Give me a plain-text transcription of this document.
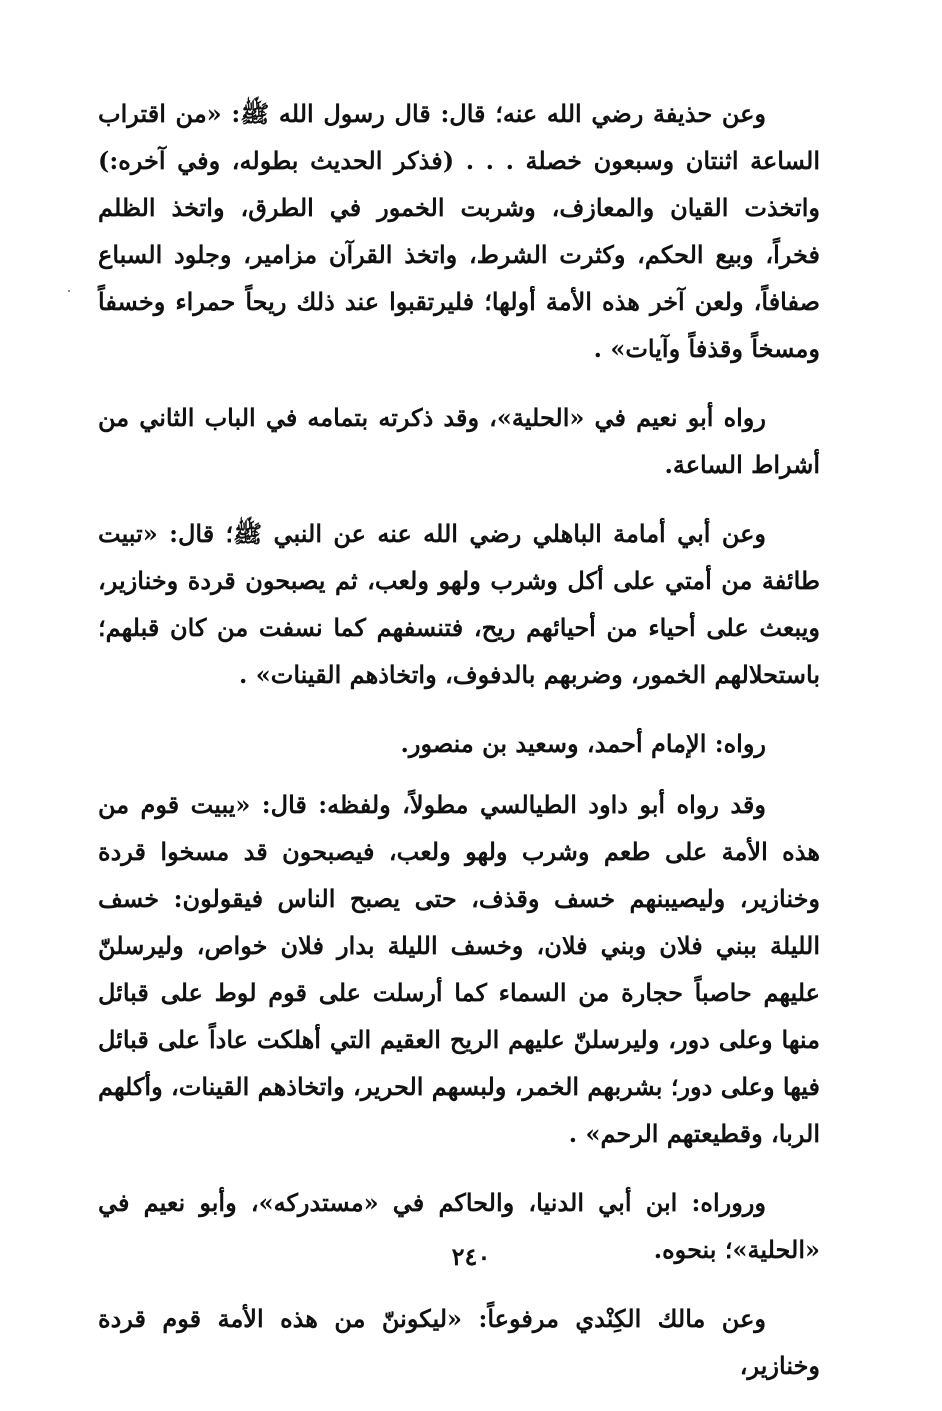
وعن حذيفة رضي الله عنه؛ قال: قال رسول الله ﷺ: «من اقتراب الساعة اثنتان وسبعون خصلة . . . (فذكر الحديث بطوله، وفي آخره:) واتخذت القيان والمعازف، وشربت الخمور في الطرق، واتخذ الظلم فخراً، وبيع الحكم، وكثرت الشرط، واتخذ القرآن مزامير، وجلود السباع صفافاً، ولعن آخر هذه الأمة أولها؛ فليرتقبوا عند ذلك ريحاً حمراء وخسفاً ومسخاً وقذفاً وآيات» .

رواه أبو نعيم في «الحلية»، وقد ذكرته بتمامه في الباب الثاني من أشراط الساعة.

وعن أبي أمامة الباهلي رضي الله عنه عن النبي ﷺ؛ قال: «تبيت طائفة من أمتي على أكل وشرب ولهو ولعب، ثم يصبحون قردة وخنازير، ويبعث على أحياء من أحيائهم ريح، فتنسفهم كما نسفت من كان قبلهم؛ باستحلالهم الخمور، وضربهم بالدفوف، واتخاذهم القينات» .

رواه: الإمام أحمد، وسعيد بن منصور.

وقد رواه أبو داود الطيالسي مطولاً، ولفظه: قال: «يبيت قوم من هذه الأمة على طعم وشرب ولهو ولعب، فيصبحون قد مسخوا قردة وخنازير، وليصيبنهم خسف وقذف، حتى يصبح الناس فيقولون: خسف الليلة ببني فلان وبني فلان، وخسف الليلة بدار فلان خواص، وليرسلنّ عليهم حاصباً حجارة من السماء كما أرسلت على قوم لوط على قبائل منها وعلى دور، وليرسلنّ عليهم الريح العقيم التي أهلكت عاداً على قبائل فيها وعلى دور؛ بشربهم الخمر، ولبسهم الحرير، واتخاذهم القينات، وأكلهم الربا، وقطيعتهم الرحم» .

وروراه: ابن أبي الدنيا، والحاكم في «مستدركه»، وأبو نعيم في «الحلية»؛ بنحوه.

وعن مالك الكِنْدي مرفوعاً: «ليكوننّ من هذه الأمة قوم قردة وخنازير،

٢٤٠
